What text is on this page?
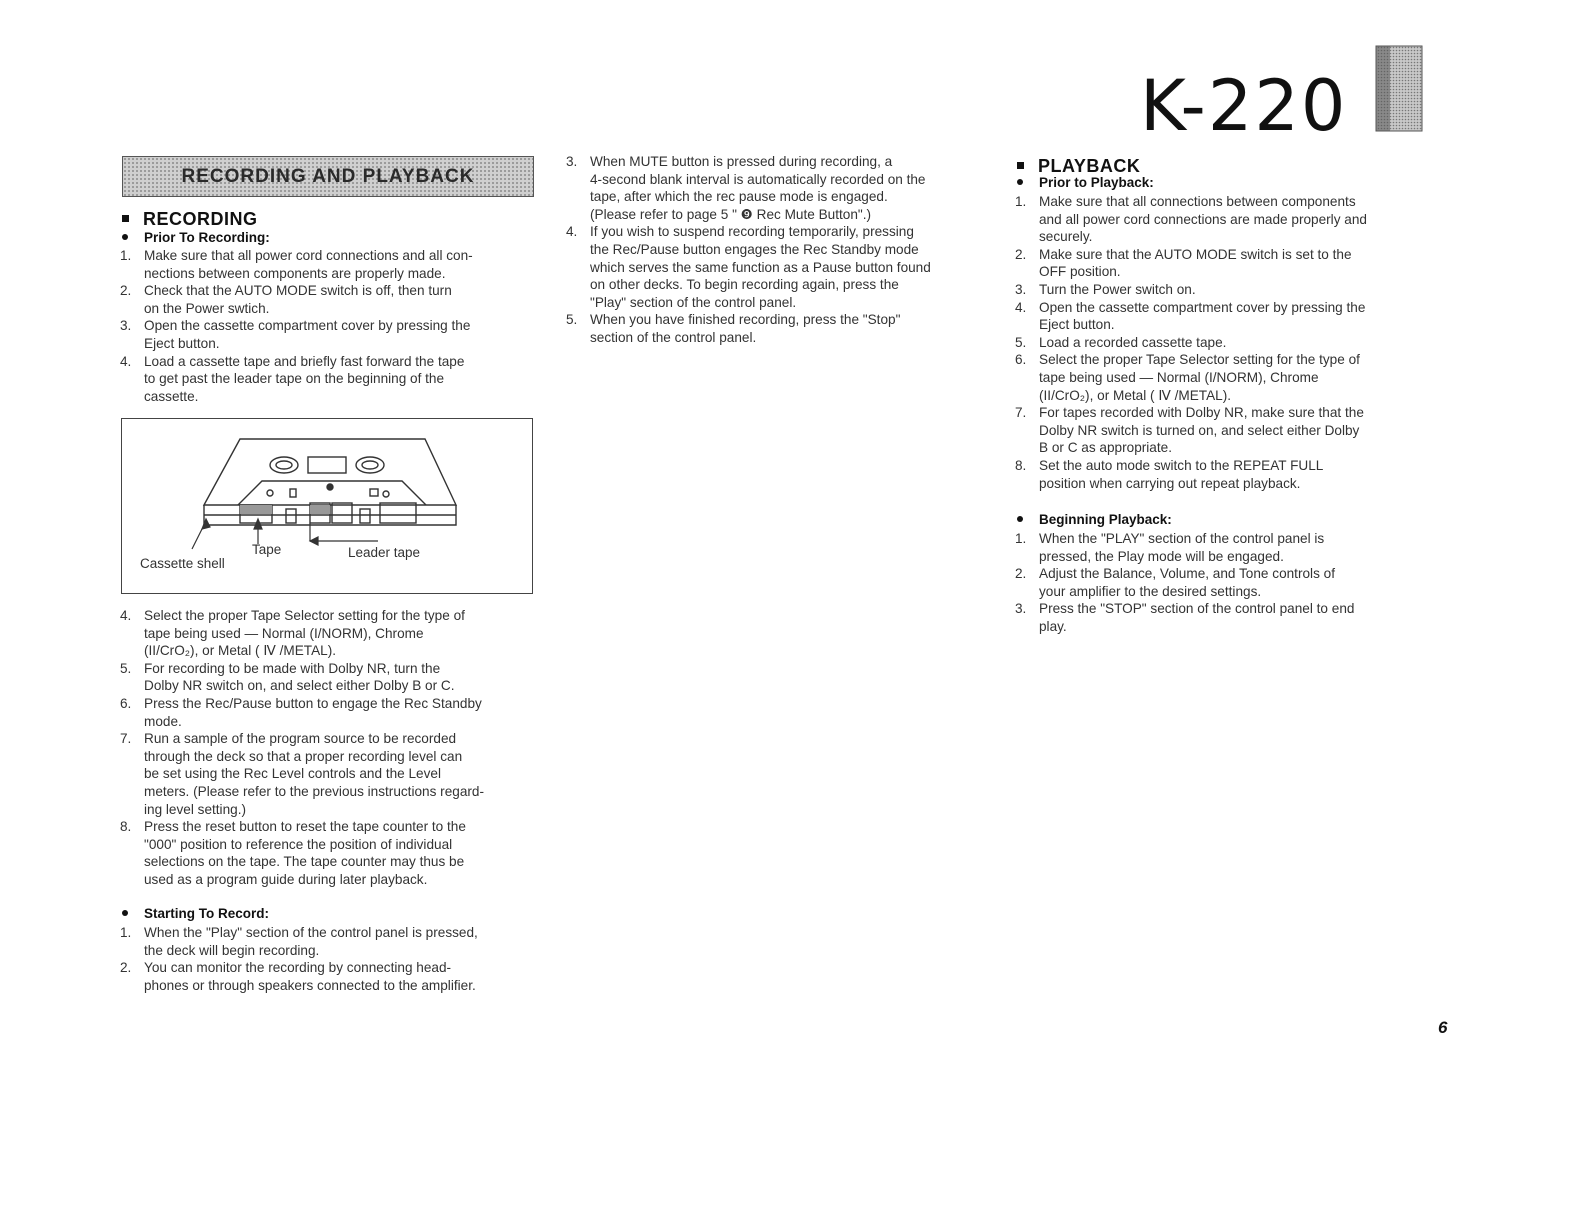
K-220
RECORDING AND PLAYBACK
RECORDING
Prior To Recording:
1. Make sure that all power cord connections and all con-
nections between components are properly made.
2. Check that the AUTO MODE switch is off, then turn
on the Power swtich.
3. Open the cassette compartment cover by pressing the
Eject button.
4. Load a cassette tape and briefly fast forward the tape
to get past the leader tape on the beginning of the
cassette.
Tape	Leader tape
Cassette shell
4. Select the proper Tape Selector setting for the type of
tape being used — Normal (I/NORM), Chrome
(II/CrO₂), or Metal ( Ⅳ /METAL).
5. For recording to be made with Dolby NR, turn the
Dolby NR switch on, and select either Dolby B or C.
6. Press the Rec/Pause button to engage the Rec Standby
mode.
7. Run a sample of the program source to be recorded
through the deck so that a proper recording level can
be set using the Rec Level controls and the Level
meters. (Please refer to the previous instructions regard-
ing level setting.)
8. Press the reset button to reset the tape counter to the
"000" position to reference the position of individual
selections on the tape. The tape counter may thus be
used as a program guide during later playback.
Starting To Record:
1. When the "Play" section of the control panel is pressed,
the deck will begin recording.
2. You can monitor the recording by connecting head-
phones or through speakers connected to the amplifier.
3. When MUTE button is pressed during recording, a
4-second blank interval is automatically recorded on the
tape, after which the rec pause mode is engaged.
(Please refer to page 5 " ❾ Rec Mute Button".)
4. If you wish to suspend recording temporarily, pressing
the Rec/Pause button engages the Rec Standby mode
which serves the same function as a Pause button found
on other decks. To begin recording again, press the
"Play" section of the control panel.
5. When you have finished recording, press the "Stop"
section of the control panel.
PLAYBACK
Prior to Playback:
1. Make sure that all connections between components
and all power cord connections are made properly and
securely.
2. Make sure that the AUTO MODE switch is set to the
OFF position.
3. Turn the Power switch on.
4. Open the cassette compartment cover by pressing the
Eject button.
5. Load a recorded cassette tape.
6. Select the proper Tape Selector setting for the type of
tape being used — Normal (I/NORM), Chrome
(II/CrO₂), or Metal ( Ⅳ /METAL).
7. For tapes recorded with Dolby NR, make sure that the
Dolby NR switch is turned on, and select either Dolby
B or C as appropriate.
8. Set the auto mode switch to the REPEAT FULL
position when carrying out repeat playback.
Beginning Playback:
1. When the "PLAY" section of the control panel is
pressed, the Play mode will be engaged.
2. Adjust the Balance, Volume, and Tone controls of
your amplifier to the desired settings.
3. Press the "STOP" section of the control panel to end
play.
6
